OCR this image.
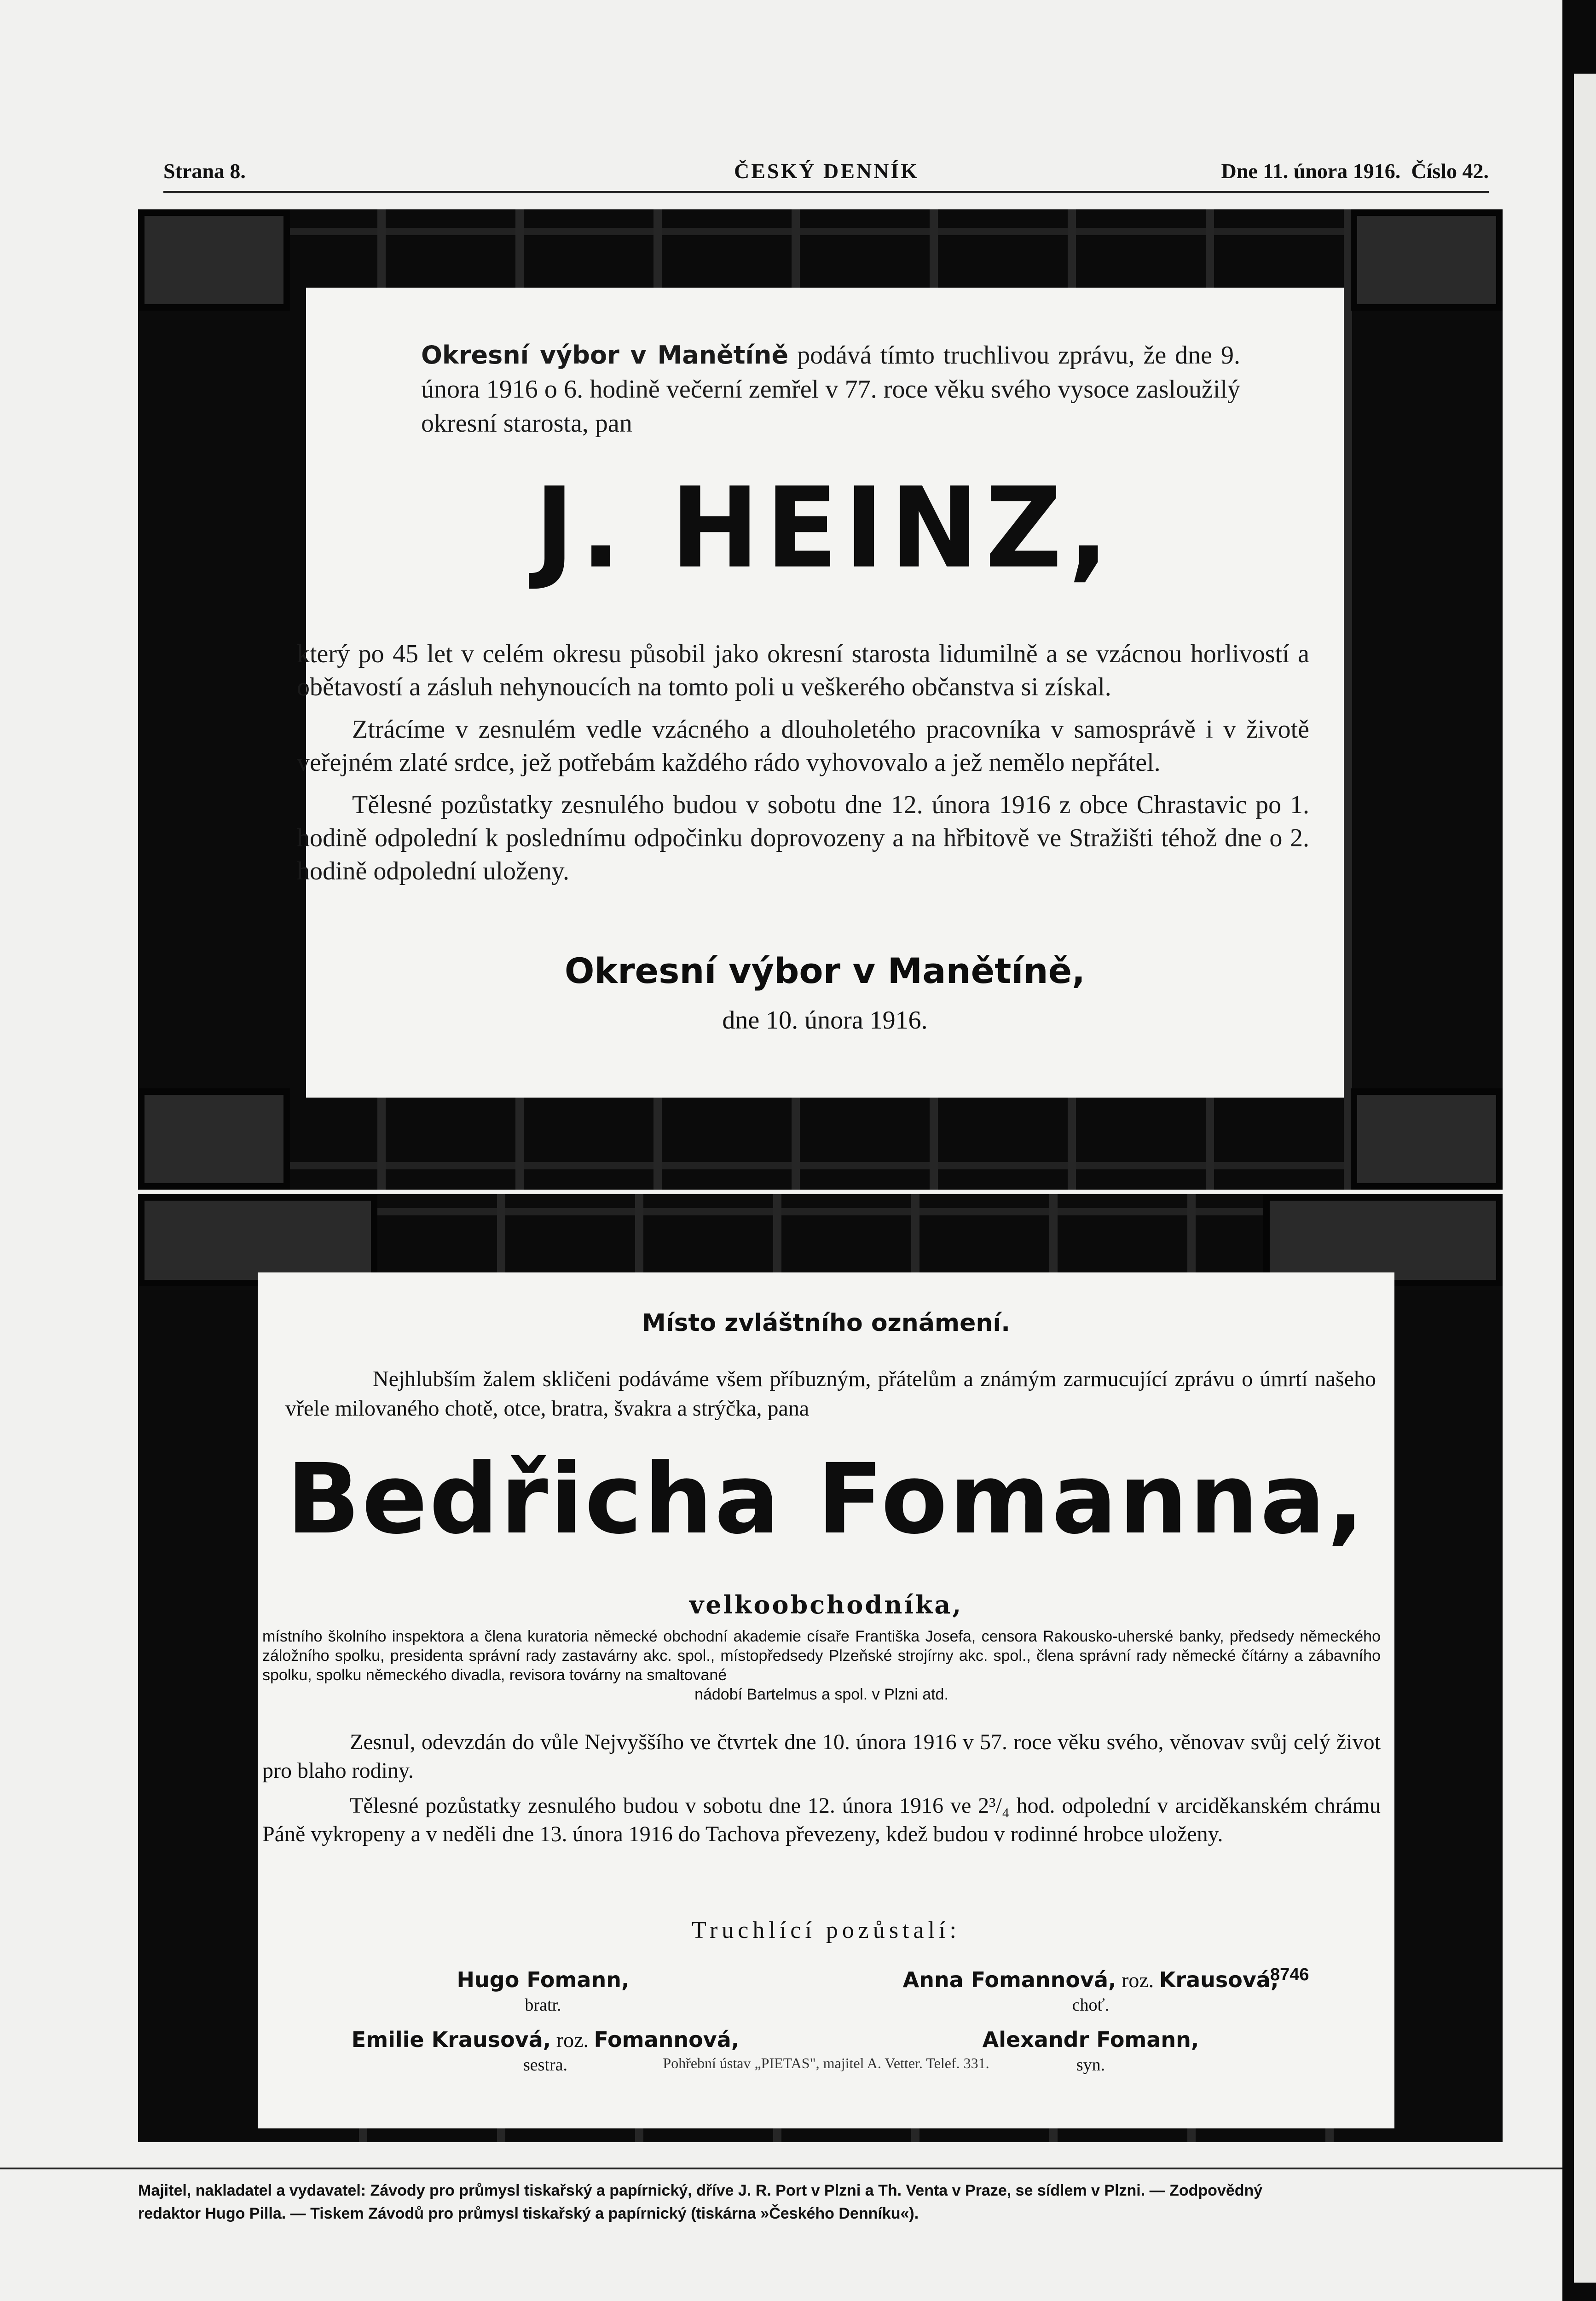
Strana 8.	ČESKÝ DENNÍK	Dne 11. února 1916. Číslo 42.
Okresní výbor v Manětíně podává tímto truchlivou zprávu, že dne 9. února 1916 o 6. hodině večerní zemřel v 77. roce věku svého vysoce zasloužilý okresní starosta, pan
J. HEINZ,

který po 45 let v celém okresu působil jako okresní starosta lidumilně a se vzácnou horlivostí a obětavostí a zásluh nehynoucích na tomto poli u veškerého občanstva si získal.

Ztrácíme v zesnulém vedle vzácného a dlouholetého pracovníka v samosprávě i v životě veřejném zlaté srdce, jež potřebám každého rádo vyhovovalo a jež nemělo nepřátel.

Tělesné pozůstatky zesnulého budou v sobotu dne 12. února 1916 z obce Chrastavic po 1. hodině odpolední k poslednímu odpočinku doprovozeny a na hřbitově ve Stražišti téhož dne o 2. hodině odpolední uloženy.

Okresní výbor v Manětíně,
dne 10. února 1916.
Místo zvláštního oznámení.
Nejhlubším žalem skličeni podáváme všem příbuzným, přátelům a známým zarmucující zprávu o úmrtí našeho vřele milovaného chotě, otce, bratra, švakra a strýčka, pana
Bedřicha Fomanna,
velkoobchodníka,
místního školního inspektora a člena kuratoria německé obchodní akademie císaře Františka Josefa, censora Rakousko-uherské banky, předsedy německého záložního spolku, presidenta správní rady zastavárny akc. spol., místopředsedy Plzeňské strojírny akc. spol., člena správní rady německé čítárny a zábavního spolku, spolku německého divadla, revisora továrny na smaltované
nádobí Bartelmus a spol. v Plzni atd.

Zesnul, odevzdán do vůle Nejvyššího ve čtvrtek dne 10. února 1916 v 57. roce věku svého, věnovav svůj celý život pro blaho rodiny.

Tělesné pozůstatky zesnulého budou v sobotu dne 12. února 1916 ve 2³/₄ hod. odpolední v arciděkanském chrámu Páně vykropeny a v neděli dne 13. února 1916 do Tachova převezeny, kdež budou v rodinné hrobce uloženy.

Truchlící pozůstalí:
Hugo Fomann,
bratr.
Anna Fomannová, roz. Krausová,
choť.
Emilie Krausová, roz. Fomannová,
sestra.
Alexandr Fomann,
syn.
8746
Pohřební ústav „PIETAS", majitel A. Vetter. Telef. 331.
Majitel, nakladatel a vydavatel: Závody pro průmysl tiskařský a papírnický, dříve J. R. Port v Plzni a Th. Venta v Praze, se sídlem v Plzni. — Zodpovědný
redaktor Hugo Pilla. — Tiskem Závodů pro průmysl tiskařský a papírnický (tiskárna »Českého Denníku«).
